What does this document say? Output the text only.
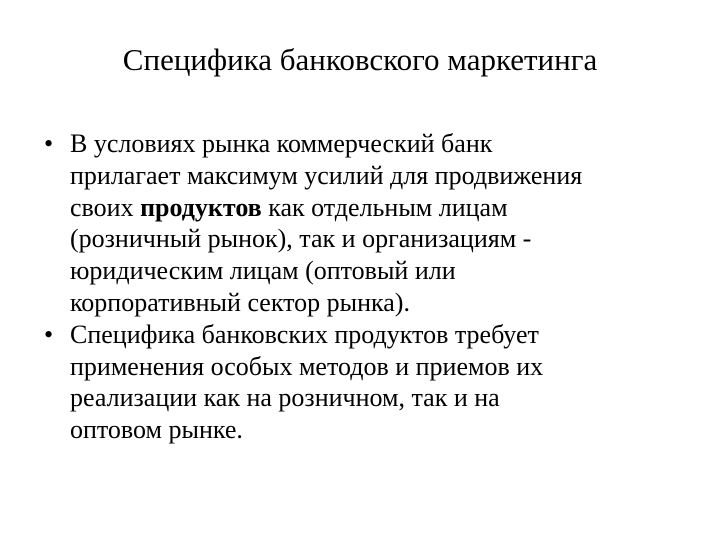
Специфика банковского маркетинга
• В условиях рынка коммерческий банк
прилагает максимум усилий для продвижения
своих продуктов как отдельным лицам
(розничный рынок), так и организациям -
юридическим лицам (оптовый или
корпоративный сектор рынка).
• Специфика банковских продуктов требует
применения особых методов и приемов их
реализации как на розничном, так и на
оптовом рынке.
